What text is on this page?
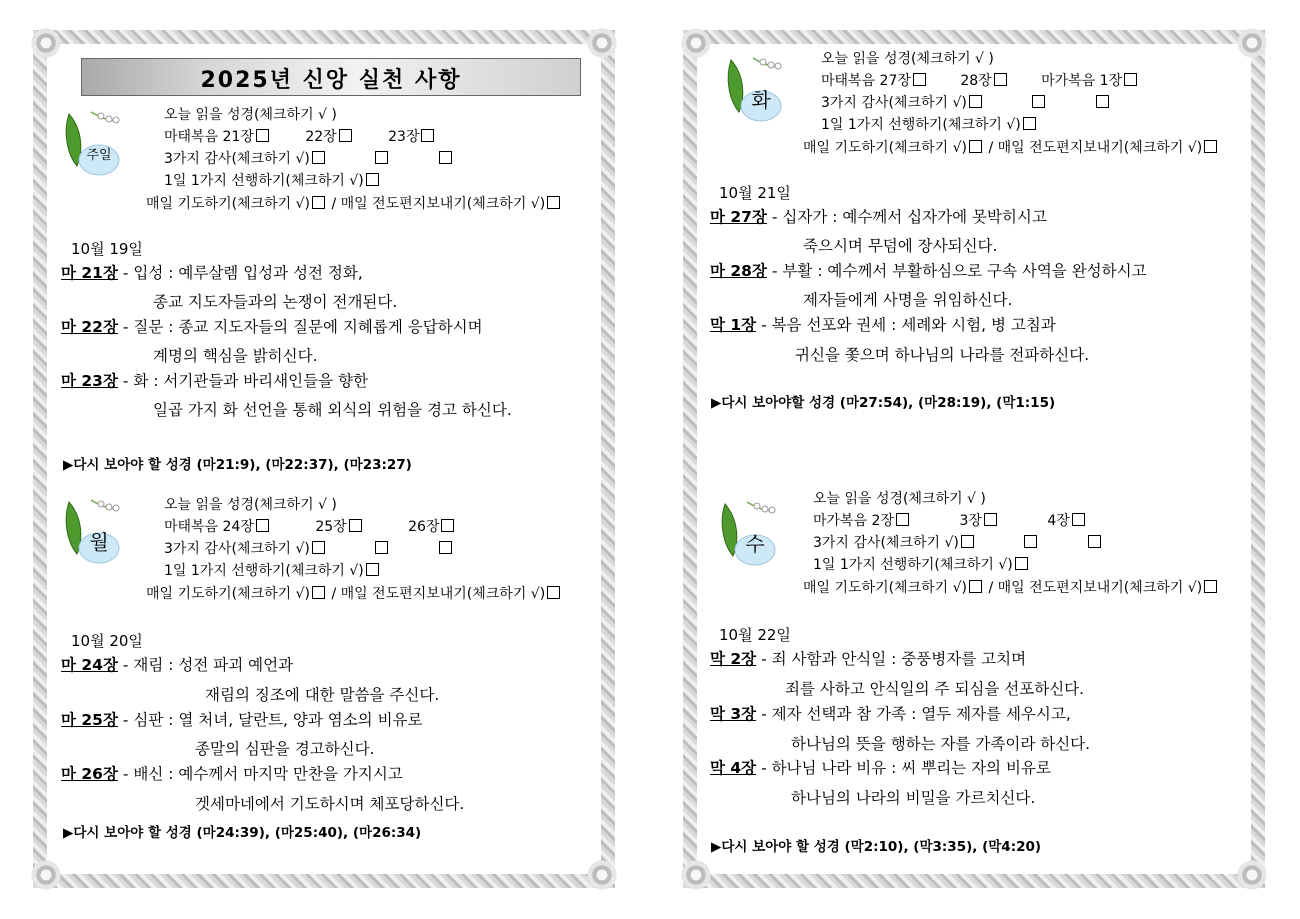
2025년 신앙 실천 사항
주일
오늘 읽을 성경(체크하기 √ )
마태복음 21장	22장	23장
3가지 감사(체크하기 √)
1일 1가지 선행하기(체크하기 √)
매일 기도하기(체크하기 √) / 매일 전도편지보내기(체크하기 √)
10월 19일
마 21장 - 입성 : 예루살렘 입성과 성전 정화,
종교 지도자들과의 논쟁이 전개된다.
마 22장 - 질문 : 종교 지도자들의 질문에 지혜롭게 응답하시며
계명의 핵심을 밝히신다.
마 23장 - 화 : 서기관들과 바리새인들을 향한
일곱 가지 화 선언을 통해 외식의 위험을 경고 하신다.
▶다시 보아야 할 성경 (마21:9), (마22:37), (마23:27)
월
오늘 읽을 성경(체크하기 √ )
마태복음 24장	25장	26장
3가지 감사(체크하기 √)
1일 1가지 선행하기(체크하기 √)
매일 기도하기(체크하기 √) / 매일 전도편지보내기(체크하기 √)
10월 20일
마 24장 - 재림 : 성전 파괴 예언과
재림의 징조에 대한 말씀을 주신다.
마 25장 - 심판 : 열 처녀, 달란트, 양과 염소의 비유로
종말의 심판을 경고하신다.
마 26장 - 배신 : 예수께서 마지막 만찬을 가지시고
겟세마네에서 기도하시며 체포당하신다.
▶다시 보아야 할 성경 (마24:39), (마25:40), (마26:34)
화
오늘 읽을 성경(체크하기 √ )
마태복음 27장	28장	마가복음 1장
3가지 감사(체크하기 √)
1일 1가지 선행하기(체크하기 √)
매일 기도하기(체크하기 √) / 매일 전도편지보내기(체크하기 √)
10월 21일
마 27장 - 십자가 : 예수께서 십자가에 못박히시고
죽으시며 무덤에 장사되신다.
마 28장 - 부활 : 예수께서 부활하심으로 구속 사역을 완성하시고
제자들에게 사명을 위임하신다.
막 1장 - 복음 선포와 권세 : 세례와 시험, 병 고침과
귀신을 쫓으며 하나님의 나라를 전파하신다.
▶다시 보아야할 성경 (마27:54), (마28:19), (막1:15)
수
오늘 읽을 성경(체크하기 √ )
마가복음 2장	3장	4장
3가지 감사(체크하기 √)
1일 1가지 선행하기(체크하기 √)
매일 기도하기(체크하기 √) / 매일 전도편지보내기(체크하기 √)
10월 22일
막 2장 - 죄 사함과 안식일 : 중풍병자를 고치며
죄를 사하고 안식일의 주 되심을 선포하신다.
막 3장 - 제자 선택과 참 가족 : 열두 제자를 세우시고,
하나님의 뜻을 행하는 자를 가족이라 하신다.
막 4장 - 하나님 나라 비유 : 씨 뿌리는 자의 비유로
하나님의 나라의 비밀을 가르치신다.
▶다시 보아야 할 성경 (막2:10), (막3:35), (막4:20)
